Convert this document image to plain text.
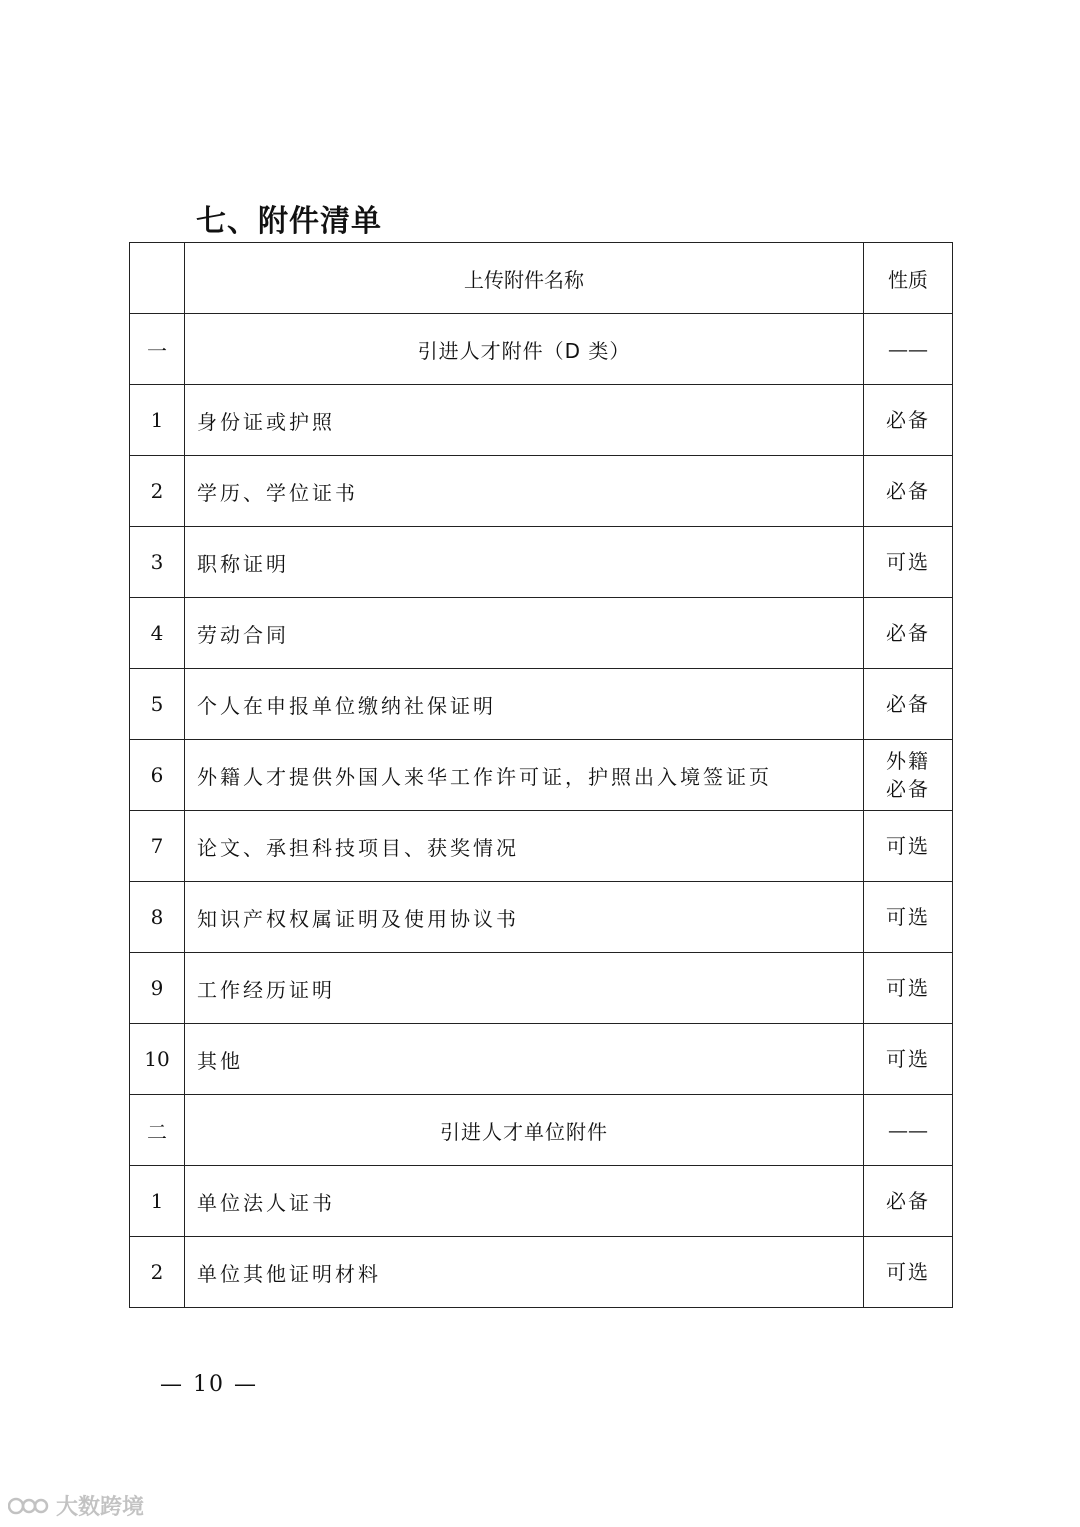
七、附件清单
	上传附件名称	性质
一	引进人才附件（D 类）	——
1	身份证或护照	必备
2	学历、学位证书	必备
3	职称证明	可选
4	劳动合同	必备
5	个人在申报单位缴纳社保证明	必备
6	外籍人才提供外国人来华工作许可证，护照出入境签证页	外籍
必备

7	论文、承担科技项目、获奖情况	可选
8	知识产权权属证明及使用协议书	可选
9	工作经历证明	可选
10	其他	可选
二	引进人才单位附件	——
1	单位法人证书	必备
2	单位其他证明材料	可选
— 10 —
大数跨境
